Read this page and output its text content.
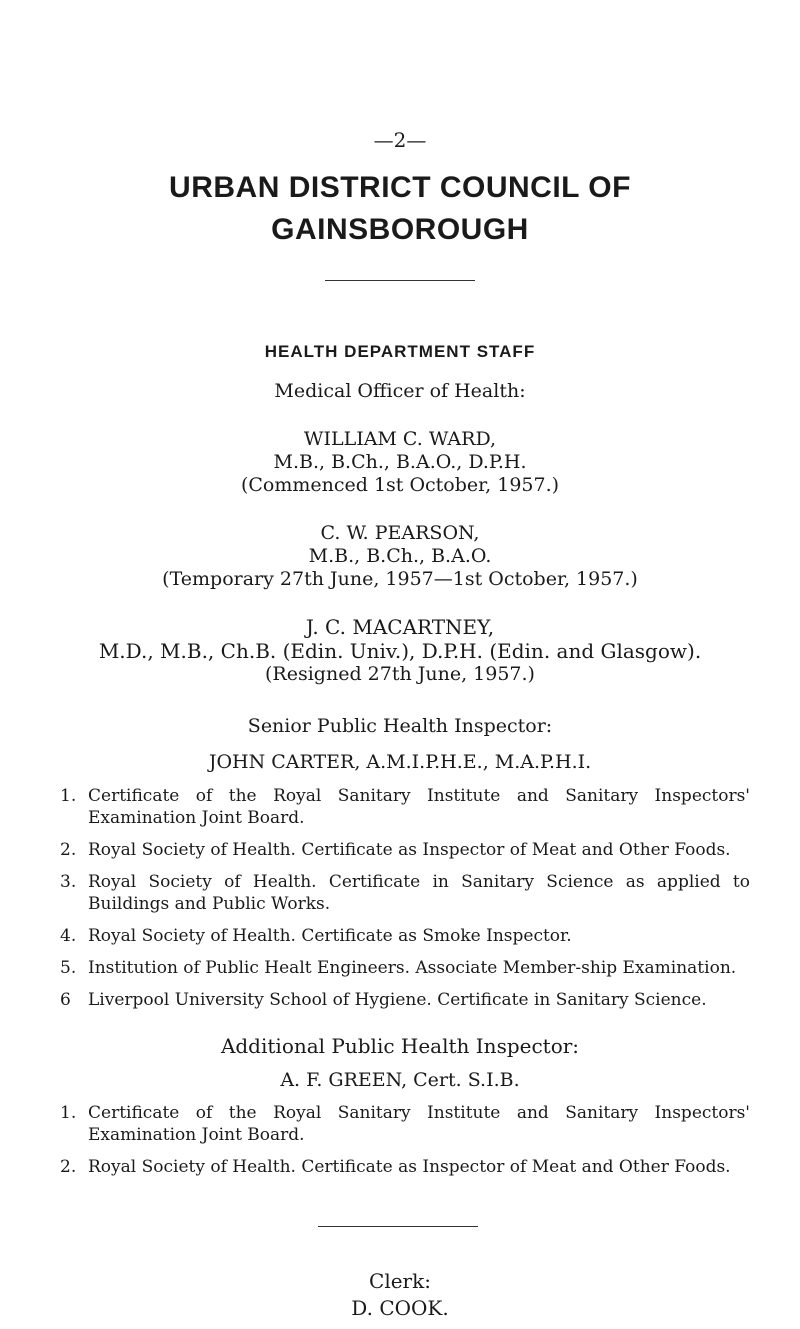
—2—
URBAN DISTRICT COUNCIL OF
GAINSBOROUGH
HEALTH DEPARTMENT STAFF
Medical Officer of Health:
WILLIAM C. WARD,
M.B., B.Ch., B.A.O., D.P.H.
(Commenced 1st October, 1957.)
C. W. PEARSON,
M.B., B.Ch., B.A.O.
(Temporary 27th June, 1957—1st October, 1957.)
J. C. MACARTNEY,
M.D., M.B., Ch.B. (Edin. Univ.), D.P.H. (Edin. and Glasgow).
(Resigned 27th June, 1957.)
Senior Public Health Inspector:
JOHN CARTER, A.M.I.P.H.E., M.A.P.H.I.
1. Certificate of the Royal Sanitary Institute and Sanitary Inspectors' Examination Joint Board.
2. Royal Society of Health. Certificate as Inspector of Meat and Other Foods.
3. Royal Society of Health. Certificate in Sanitary Science as applied to Buildings and Public Works.
4. Royal Society of Health. Certificate as Smoke Inspector.
5. Institution of Public Healt Engineers. Associate Member-ship Examination.
6	Liverpool University School of Hygiene. Certificate in Sanitary Science.
Additional Public Health Inspector:
A. F. GREEN, Cert. S.I.B.
1. Certificate of the Royal Sanitary Institute and Sanitary Inspectors' Examination Joint Board.
2. Royal Society of Health. Certificate as Inspector of Meat and Other Foods.
Clerk:
D. COOK.
